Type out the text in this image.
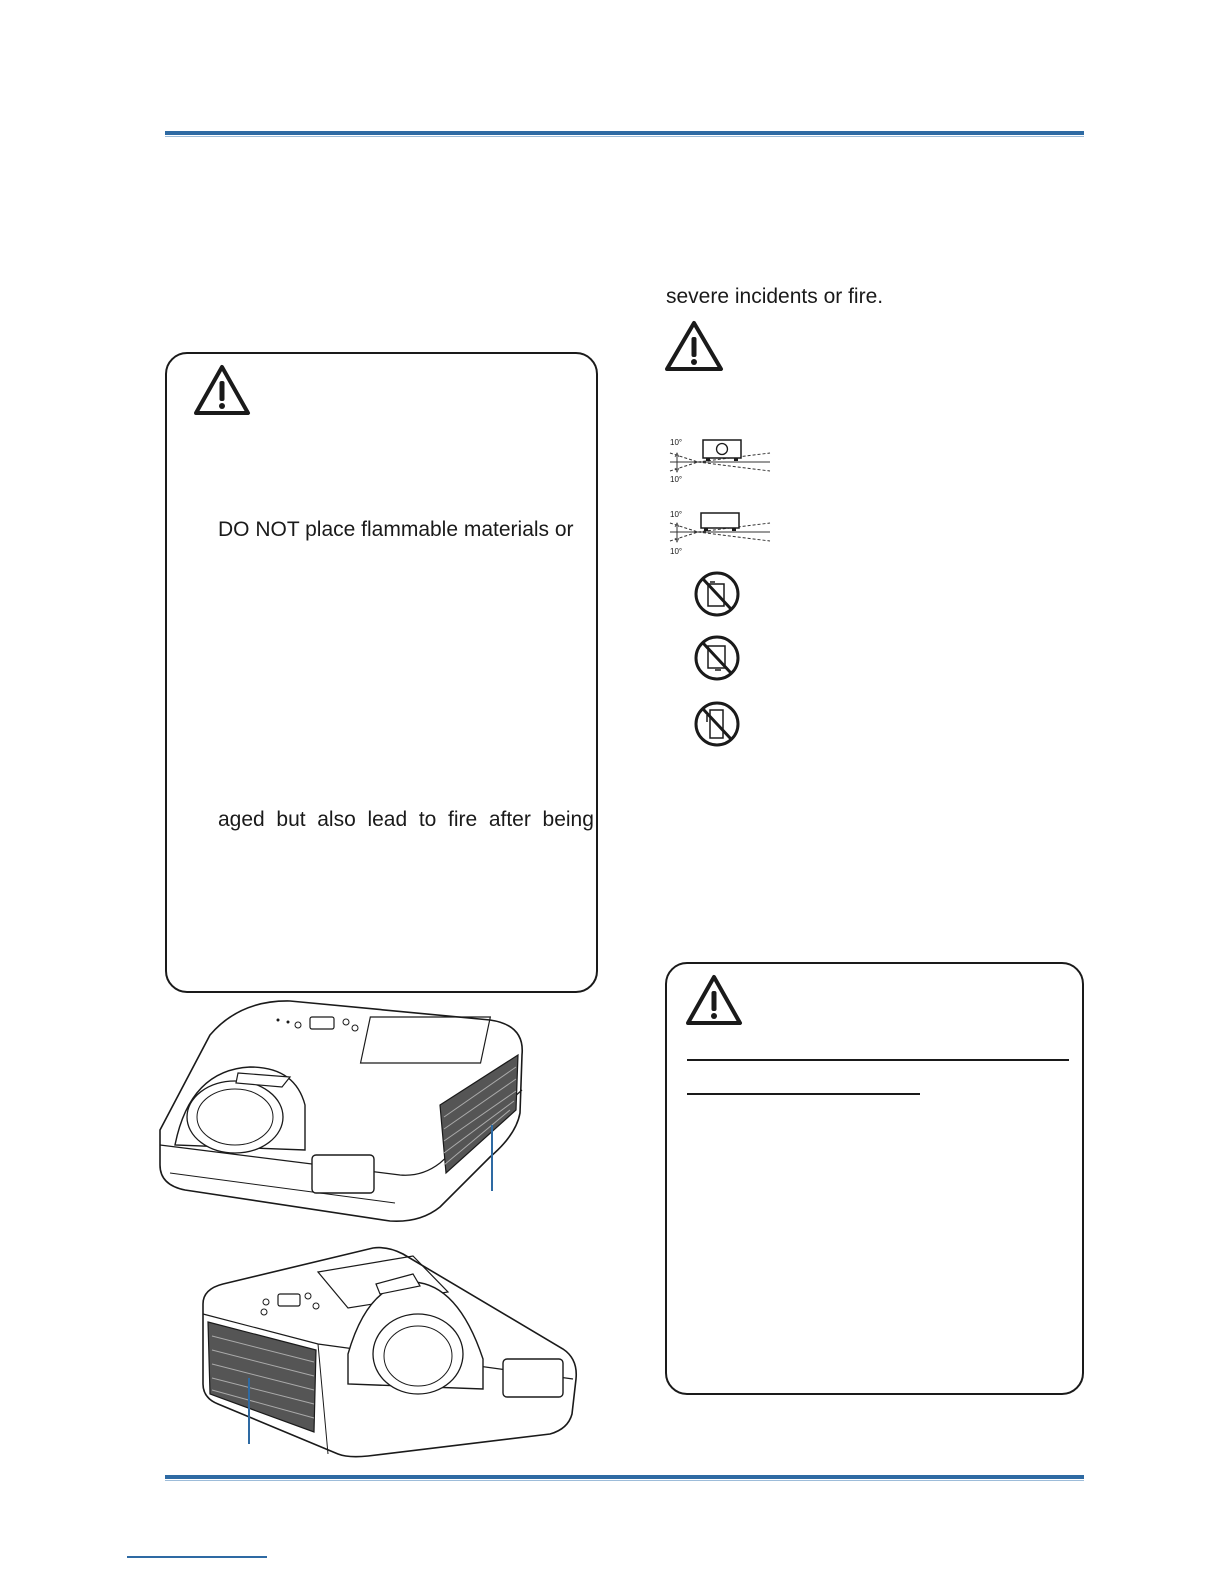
severe incidents or fire.
10°
10°
10°
10°
DO NOT place flammable materials or
aged  but  also  lead  to  fire  after  being
